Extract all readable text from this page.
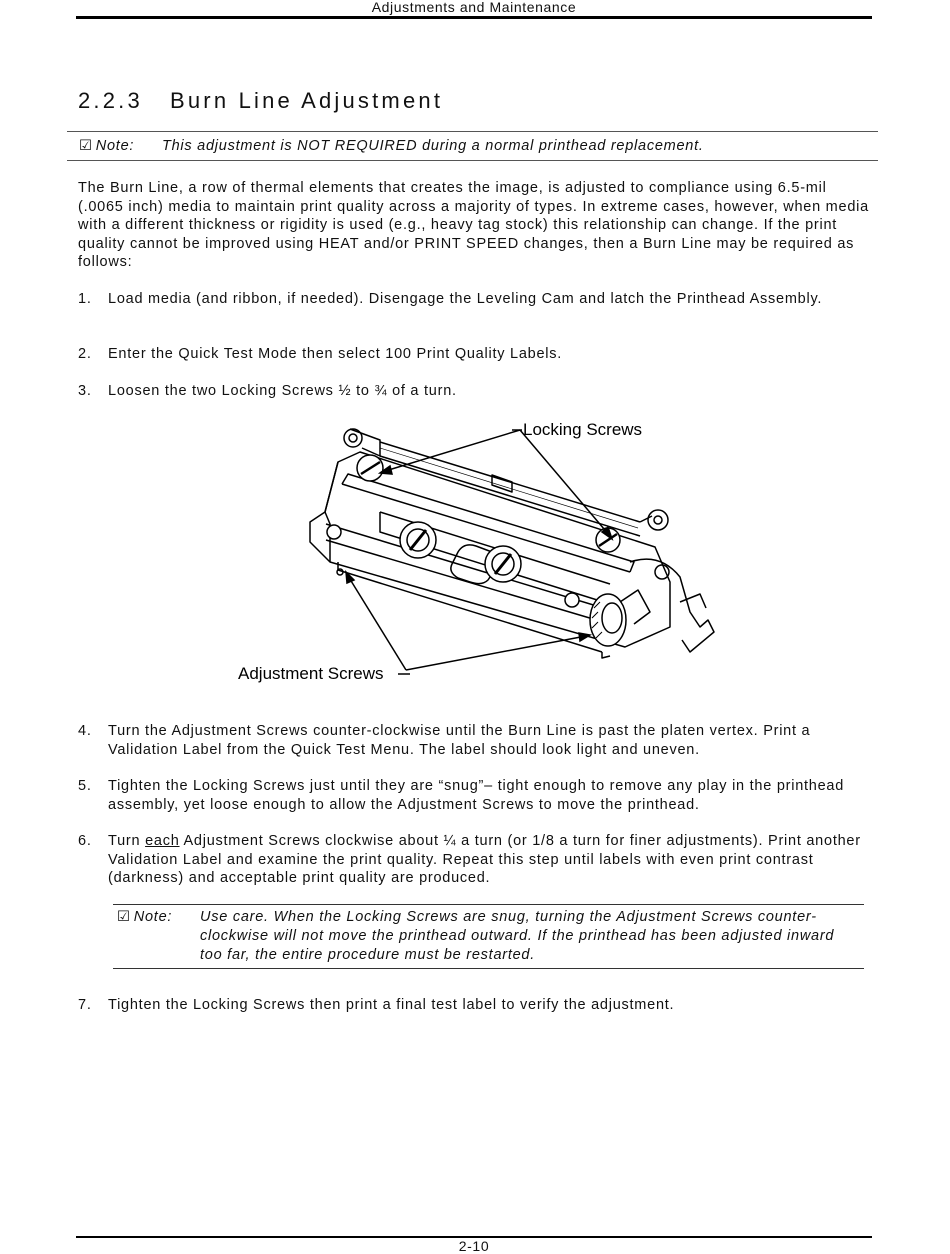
Adjustments and Maintenance
2.2.3 Burn Line Adjustment
☑ Note: This adjustment is NOT REQUIRED during a normal printhead replacement.
The Burn Line, a row of thermal elements that creates the image, is adjusted to compliance using 6.5-mil (.0065 inch) media to maintain print quality across a majority of types. In extreme cases, however, when media with a different thickness or rigidity is used (e.g., heavy tag stock) this relationship can change. If the print quality cannot be improved using HEAT and/or PRINT SPEED changes, then a Burn Line may be required as follows:
1. Load media (and ribbon, if needed). Disengage the Leveling Cam and latch the Printhead Assembly.
2. Enter the Quick Test Mode then select 100 Print Quality Labels.
3. Loosen the two Locking Screws ½ to ¾ of a turn.
Locking Screws
Adjustment Screws
4. Turn the Adjustment Screws counter-clockwise until the Burn Line is past the platen vertex. Print a Validation Label from the Quick Test Menu. The label should look light and uneven.
5. Tighten the Locking Screws just until they are “snug”– tight enough to remove any play in the printhead assembly, yet loose enough to allow the Adjustment Screws to move the printhead.
6. Turn each Adjustment Screws clockwise about ¼ a turn (or 1/8 a turn for finer adjustments). Print another Validation Label and examine the print quality. Repeat this step until labels with even print contrast (darkness) and acceptable print quality are produced.
☑ Note: Use care. When the Locking Screws are snug, turning the Adjustment Screws counter-clockwise will not move the printhead outward. If the printhead has been adjusted inward too far, the entire procedure must be restarted.
7. Tighten the Locking Screws then print a final test label to verify the adjustment.
2-10
